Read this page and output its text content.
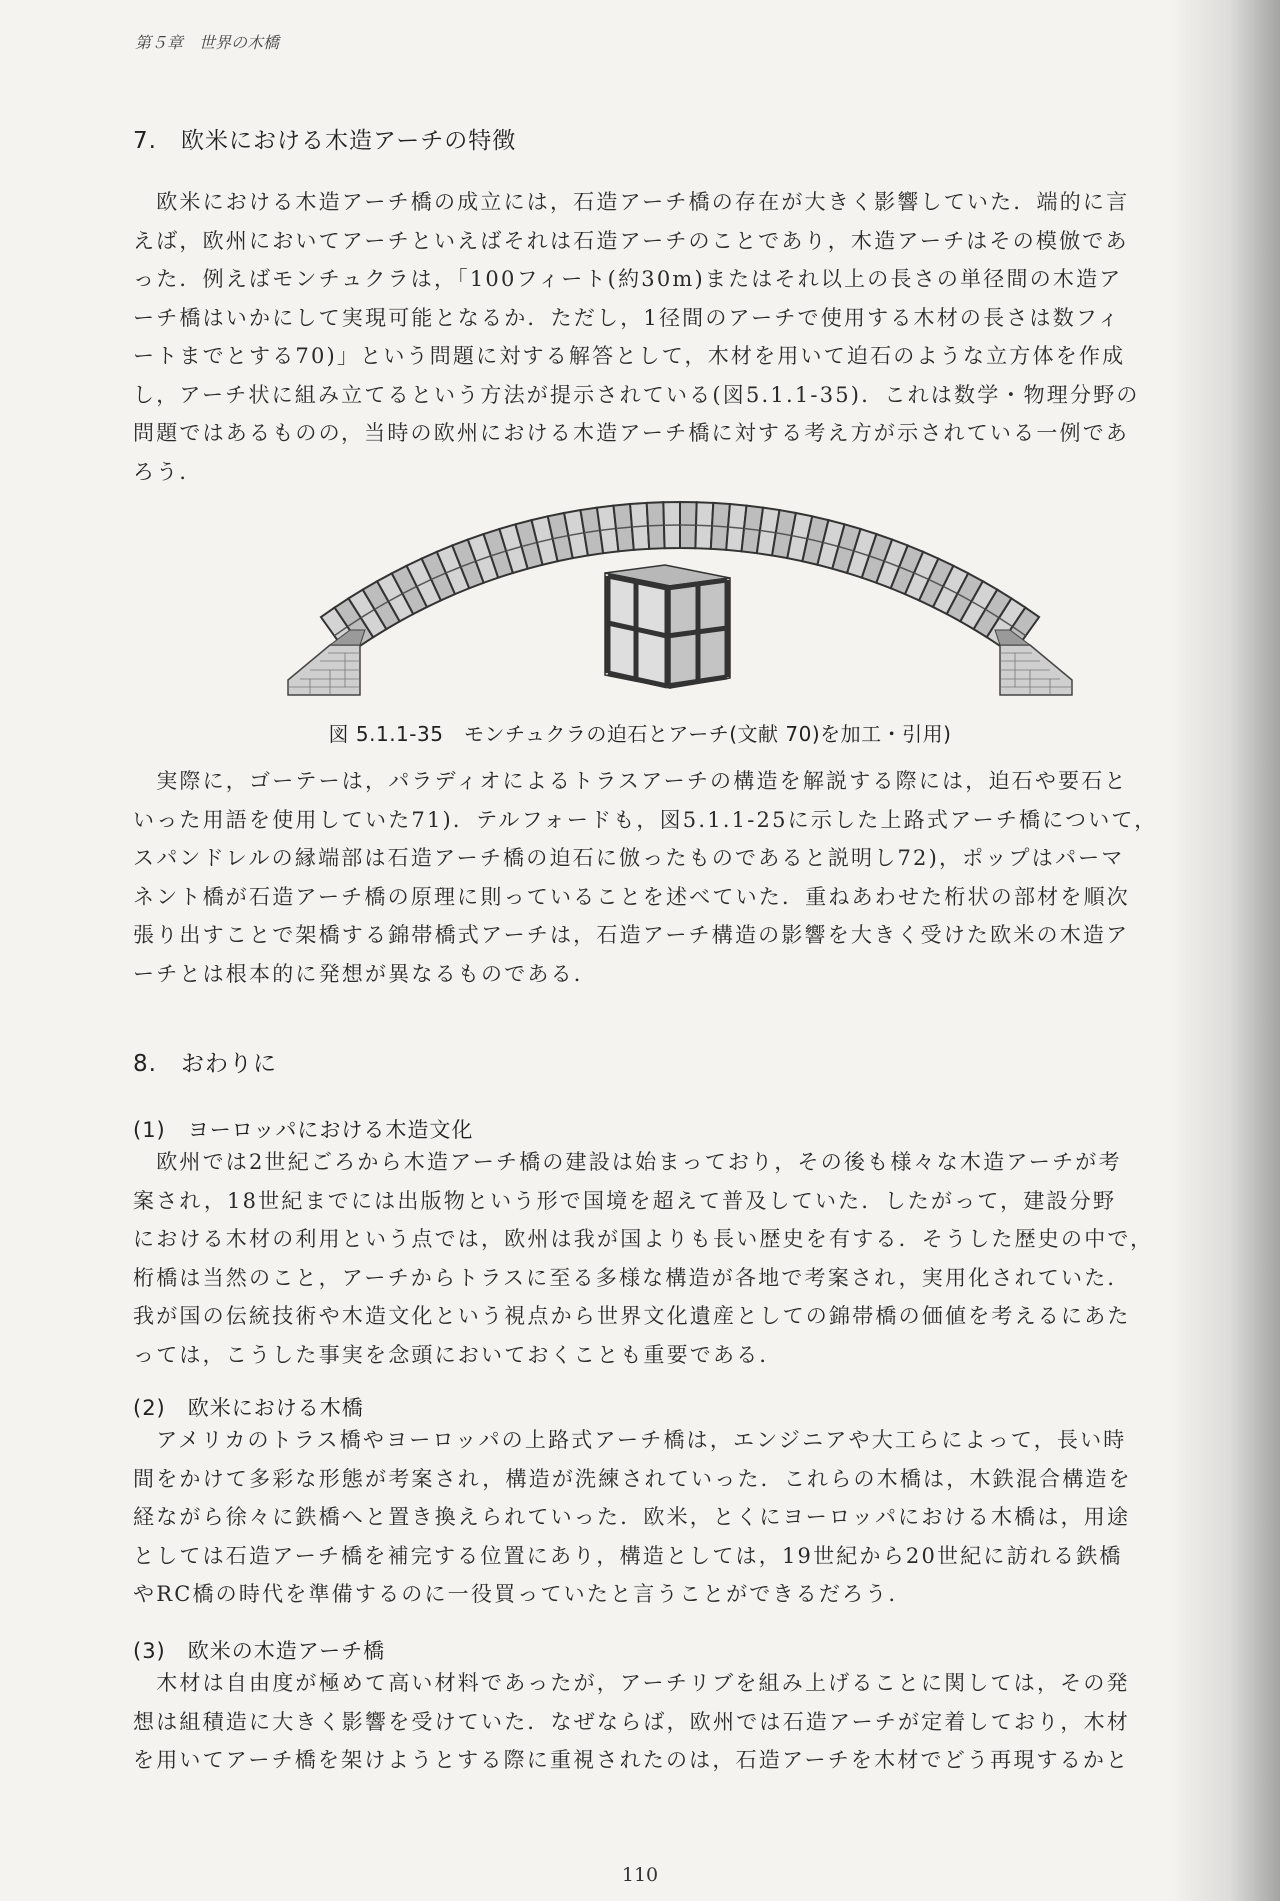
第５章　世界の木橋
7.　欧米における木造アーチの特徴
　欧米における木造アーチ橋の成立には，石造アーチ橋の存在が大きく影響していた．端的に言
えば，欧州においてアーチといえばそれは石造アーチのことであり，木造アーチはその模倣であ
った．例えばモンチュクラは，「100フィート(約30m)またはそれ以上の長さの単径間の木造ア
ーチ橋はいかにして実現可能となるか．ただし，1径間のアーチで使用する木材の長さは数フィ
ートまでとする70)」という問題に対する解答として，木材を用いて迫石のような立方体を作成
し，アーチ状に組み立てるという方法が提示されている(図5.1.1-35)．これは数学・物理分野の
問題ではあるものの，当時の欧州における木造アーチ橋に対する考え方が示されている一例であ
ろう．
図 5.1.1-35　モンチュクラの迫石とアーチ(文献 70)を加工・引用)
　実際に，ゴーテーは，パラディオによるトラスアーチの構造を解説する際には，迫石や要石と
いった用語を使用していた71)．テルフォードも，図5.1.1-25に示した上路式アーチ橋について，
スパンドレルの縁端部は石造アーチ橋の迫石に倣ったものであると説明し72)，ポップはパーマ
ネント橋が石造アーチ橋の原理に則っていることを述べていた．重ねあわせた桁状の部材を順次
張り出すことで架橋する錦帯橋式アーチは，石造アーチ構造の影響を大きく受けた欧米の木造ア
ーチとは根本的に発想が異なるものである．
8.　おわりに
(1)　ヨーロッパにおける木造文化
　欧州では2世紀ごろから木造アーチ橋の建設は始まっており，その後も様々な木造アーチが考
案され，18世紀までには出版物という形で国境を超えて普及していた．したがって，建設分野
における木材の利用という点では，欧州は我が国よりも長い歴史を有する．そうした歴史の中で，
桁橋は当然のこと，アーチからトラスに至る多様な構造が各地で考案され，実用化されていた．
我が国の伝統技術や木造文化という視点から世界文化遺産としての錦帯橋の価値を考えるにあた
っては，こうした事実を念頭においておくことも重要である．
(2)　欧米における木橋
　アメリカのトラス橋やヨーロッパの上路式アーチ橋は，エンジニアや大工らによって，長い時
間をかけて多彩な形態が考案され，構造が洗練されていった．これらの木橋は，木鉄混合構造を
経ながら徐々に鉄橋へと置き換えられていった．欧米，とくにヨーロッパにおける木橋は，用途
としては石造アーチ橋を補完する位置にあり，構造としては，19世紀から20世紀に訪れる鉄橋
やRC橋の時代を準備するのに一役買っていたと言うことができるだろう．
(3)　欧米の木造アーチ橋
　木材は自由度が極めて高い材料であったが，アーチリブを組み上げることに関しては，その発
想は組積造に大きく影響を受けていた．なぜならば，欧州では石造アーチが定着しており，木材
を用いてアーチ橋を架けようとする際に重視されたのは，石造アーチを木材でどう再現するかと
110
